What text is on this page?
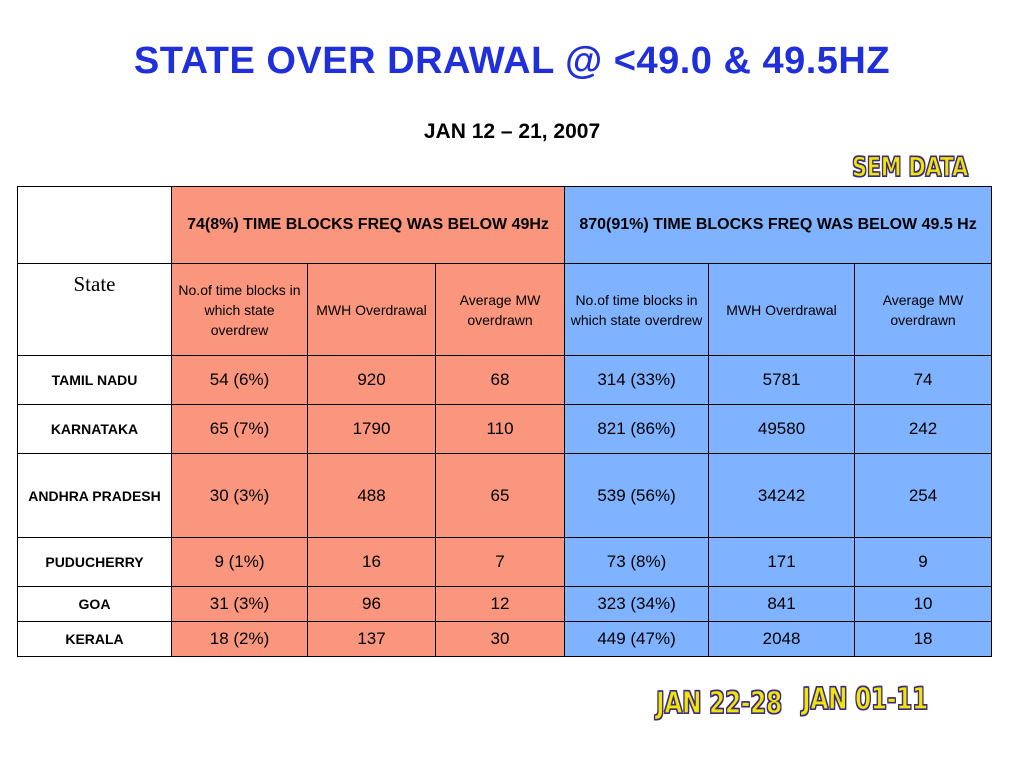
STATE OVER DRAWAL @ <49.0 & 49.5HZ
JAN 12 – 21, 2007
SEM DATA
	74(8%) TIME BLOCKS FREQ WAS BELOW 49Hz			870(91%) TIME BLOCKS FREQ WAS BELOW 49.5 Hz		
State	No.of time blocks in which state overdrew	MWH Overdrawal	Average MW overdrawn	No.of time blocks in which state overdrew	MWH Overdrawal	Average MW overdrawn
TAMIL NADU	54 (6%)	920	68	314 (33%)	5781	74
KARNATAKA	65 (7%)	1790	110	821 (86%)	49580	242
ANDHRA PRADESH	30 (3%)	488	65	539 (56%)	34242	254
PUDUCHERRY	9 (1%)	16	7	73 (8%)	171	9
GOA	31 (3%)	96	12	323 (34%)	841	10
KERALA	18 (2%)	137	30	449 (47%)	2048	18
JAN 22-28 JAN 01-11
